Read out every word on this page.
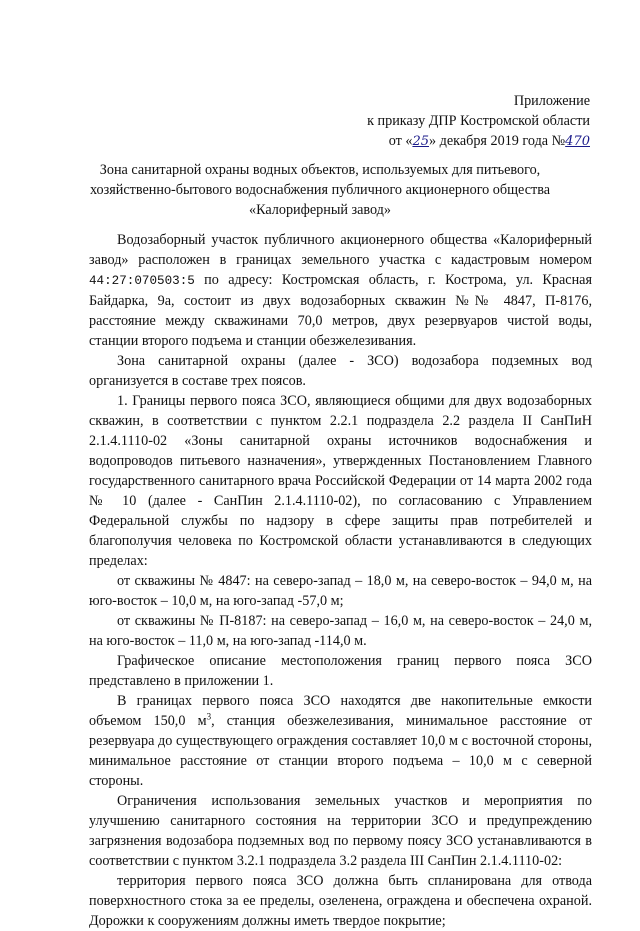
Приложение
к приказу ДПР Костромской области
от «25» декабря 2019 года №470
Зона санитарной охраны водных объектов, используемых для питьевого,
хозяйственно-бытового водоснабжения публичного акционерного общества
«Калориферный завод»

Водозаборный участок публичного акционерного общества «Калориферный завод» расположен в границах земельного участка с кадастровым номером 44:27:070503:5 по адресу: Костромская область, г. Кострома, ул. Красная Байдарка, 9а, состоит из двух водозаборных скважин №№ 4847, П-8176, расстояние между скважинами 70,0 метров, двух резервуаров чистой воды, станции второго подъема и станции обезжелезивания.

Зона санитарной охраны (далее - ЗСО) водозабора подземных вод организуется в составе трех поясов.

1. Границы первого пояса ЗСО, являющиеся общими для двух водозаборных скважин, в соответствии с пунктом 2.2.1 подраздела 2.2 раздела II СанПиН 2.1.4.1110-02 «Зоны санитарной охраны источников водоснабжения и водопроводов питьевого назначения», утвержденных Постановлением Главного государственного санитарного врача Российской Федерации от 14 марта 2002 года № 10 (далее - СанПин 2.1.4.1110-02), по согласованию с Управлением Федеральной службы по надзору в сфере защиты прав потребителей и благополучия человека по Костромской области устанавливаются в следующих пределах:

от скважины № 4847: на северо-запад – 18,0 м, на северо-восток – 94,0 м, на юго-восток – 10,0 м, на юго-запад -57,0 м;

от скважины № П-8187: на северо-запад – 16,0 м, на северо-восток – 24,0 м, на юго-восток – 11,0 м, на юго-запад -114,0 м.

Графическое описание местоположения границ первого пояса ЗСО представлено в приложении 1.

В границах первого пояса ЗСО находятся две накопительные емкости объемом 150,0 $м^3$, станция обезжелезивания, минимальное расстояние от резервуара до существующего ограждения составляет 10,0 м с восточной стороны, минимальное расстояние от станции второго подъема – 10,0 м с северной стороны.

Ограничения использования земельных участков и мероприятия по улучшению санитарного состояния на территории ЗСО и предупреждению загрязнения водозабора подземных вод по первому поясу ЗСО устанавливаются в соответствии с пунктом 3.2.1 подраздела 3.2 раздела III СанПин 2.1.4.1110-02:

территория первого пояса ЗСО должна быть спланирована для отвода поверхностного стока за ее пределы, озеленена, ограждена и обеспечена охраной. Дорожки к сооружениям должны иметь твердое покрытие;
